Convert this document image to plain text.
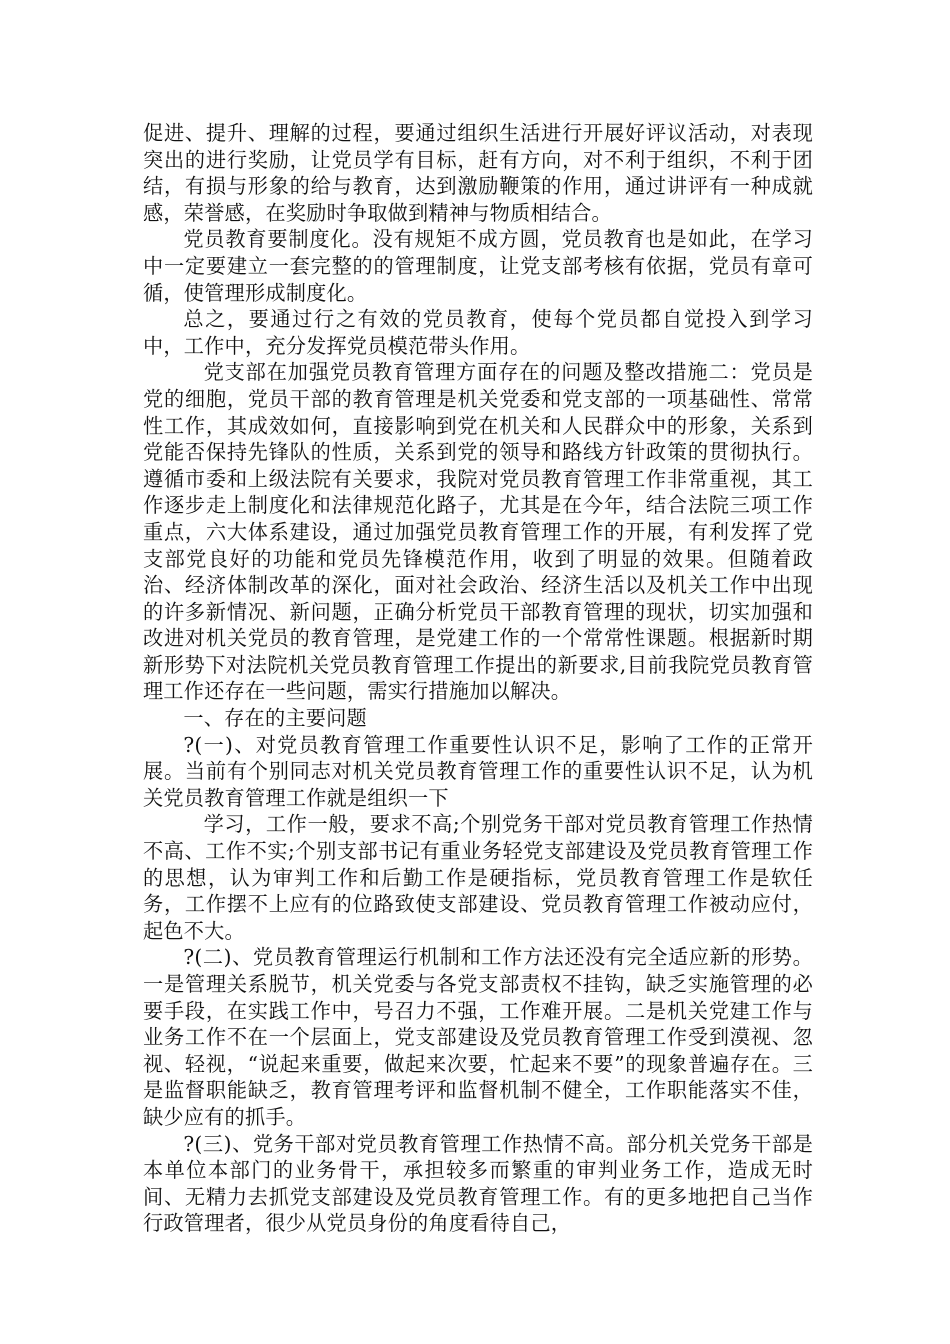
促进、提升、理解的过程，要通过组织生活进行开展好评议活动，对表现突出的进行奖励，让党员学有目标，赶有方向，对不利于组织，不利于团结，有损与形象的给与教育，达到激励鞭策的作用，通过讲评有一种成就感，荣誉感，在奖励时争取做到精神与物质相结合。

党员教育要制度化。没有规矩不成方圆，党员教育也是如此，在学习中一定要建立一套完整的的管理制度，让党支部考核有依据，党员有章可循，使管理形成制度化。

总之，要通过行之有效的党员教育，使每个党员都自觉投入到学习中，工作中，充分发挥党员模范带头作用。

党支部在加强党员教育管理方面存在的问题及整改措施二：党员是党的细胞，党员干部的教育管理是机关党委和党支部的一项基础性、常常性工作，其成效如何，直接影响到党在机关和人民群众中的形象，关系到党能否保持先锋队的性质，关系到党的领导和路线方针政策的贯彻执行。遵循市委和上级法院有关要求，我院对党员教育管理工作非常重视，其工作逐步走上制度化和法律规范化路子，尤其是在今年，结合法院三项工作重点，六大体系建设，通过加强党员教育管理工作的开展，有利发挥了党支部党良好的功能和党员先锋模范作用，收到了明显的效果。但随着政治、经济体制改革的深化，面对社会政治、经济生活以及机关工作中出现的许多新情况、新问题，正确分析党员干部教育管理的现状，切实加强和改进对机关党员的教育管理，是党建工作的一个常常性课题。根据新时期新形势下对法院机关党员教育管理工作提出的新要求,目前我院党员教育管理工作还存在一些问题，需实行措施加以解决。

一、存在的主要问题

?(一)、对党员教育管理工作重要性认识不足，影响了工作的正常开展。当前有个别同志对机关党员教育管理工作的重要性认识不足，认为机关党员教育管理工作就是组织一下

学习，工作一般，要求不高;个别党务干部对党员教育管理工作热情不高、工作不实;个别支部书记有重业务轻党支部建设及党员教育管理工作的思想，认为审判工作和后勤工作是硬指标，党员教育管理工作是软任务，工作摆不上应有的位路致使支部建设、党员教育管理工作被动应付，起色不大。

?(二)、党员教育管理运行机制和工作方法还没有完全适应新的形势。一是管理关系脱节，机关党委与各党支部责权不挂钩，缺乏实施管理的必要手段，在实践工作中，号召力不强，工作难开展。二是机关党建工作与业务工作不在一个层面上，党支部建设及党员教育管理工作受到漠视、忽视、轻视，“说起来重要，做起来次要，忙起来不要”的现象普遍存在。三是监督职能缺乏，教育管理考评和监督机制不健全，工作职能落实不佳，缺少应有的抓手。

?(三)、党务干部对党员教育管理工作热情不高。部分机关党务干部是本单位本部门的业务骨干，承担较多而繁重的审判业务工作，造成无时间、无精力去抓党支部建设及党员教育管理工作。有的更多地把自己当作行政管理者，很少从党员身份的角度看待自己，
